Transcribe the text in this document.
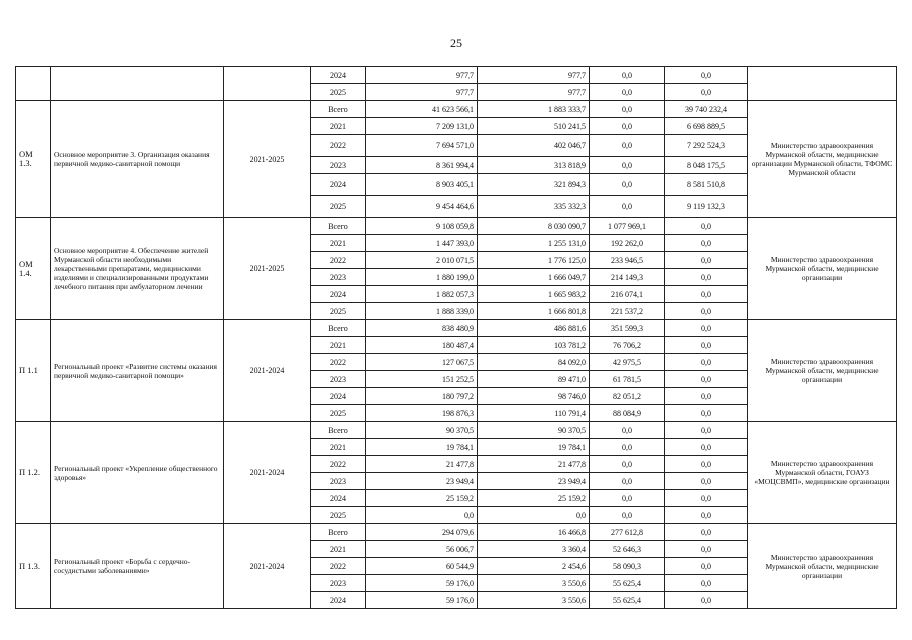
25
			2024	977,7	977,7	0,0	0,0	
			2025	977,7	977,7	0,0	0,0	
ОМ 1.3.	Основное мероприятие 3. Организация оказания первичной медико-санитарной помощи	2021-2025	Всего	41 623 566,1	1 883 333,7	0,0	39 740 232,4	Министерство здравоохранения Мурманской области, медицинские организации Мурманской области, ТФОМС Мурманской области
			2021	7 209 131,0	510 241,5	0,0	6 698 889,5	
			2022	7 694 571,0	402 046,7	0,0	7 292 524,3	
			2023	8 361 994,4	313 818,9	0,0	8 048 175,5	
			2024	8 903 405,1	321 894,3	0,0	8 581 510,8	
			2025	9 454 464,6	335 332,3	0,0	9 119 132,3	
ОМ 1.4.	Основное мероприятие 4. Обеспечение жителей Мурманской области необходимыми лекарственными препаратами, медицинскими изделиями и специализированными продуктами лечебного питания при амбулаторном лечении	2021-2025	Всего	9 108 059,8	8 030 090,7	1 077 969,1	0,0	Министерство здравоохранения Мурманской области, медицинские организации
			2021	1 447 393,0	1 255 131,0	192 262,0	0,0	
			2022	2 010 071,5	1 776 125,0	233 946,5	0,0	
			2023	1 880 199,0	1 666 049,7	214 149,3	0,0	
			2024	1 882 057,3	1 665 983,2	216 074,1	0,0	
			2025	1 888 339,0	1 666 801,8	221 537,2	0,0	
П 1.1	Региональный проект «Развитие системы оказания первичной медико-санитарной помощи»	2021-2024	Всего	838 480,9	486 881,6	351 599,3	0,0	Министерство здравоохранения Мурманской области, медицинские организации
			2021	180 487,4	103 781,2	76 706,2	0,0	
			2022	127 067,5	84 092,0	42 975,5	0,0	
			2023	151 252,5	89 471,0	61 781,5	0,0	
			2024	180 797,2	98 746,0	82 051,2	0,0	
			2025	198 876,3	110 791,4	88 084,9	0,0	
П 1.2.	Региональный проект «Укрепление общественного здоровья»	2021-2024	Всего	90 370,5	90 370,5	0,0	0,0	Министерство здравоохранения Мурманской области, ГОАУЗ «МОЦСВМП», медицинские организации
			2021	19 784,1	19 784,1	0,0	0,0	
			2022	21 477,8	21 477,8	0,0	0,0	
			2023	23 949,4	23 949,4	0,0	0,0	
			2024	25 159,2	25 159,2	0,0	0,0	
			2025	0,0	0,0	0,0	0,0	
П 1.3.	Региональный проект «Борьба с сердечно-сосудистыми заболеваниями»	2021-2024	Всего	294 079,6	16 466,8	277 612,8	0,0	Министерство здравоохранения Мурманской области, медицинские организации
			2021	56 006,7	3 360,4	52 646,3	0,0	
			2022	60 544,9	2 454,6	58 090,3	0,0	
			2023	59 176,0	3 550,6	55 625,4	0,0	
			2024	59 176,0	3 550,6	55 625,4	0,0	
